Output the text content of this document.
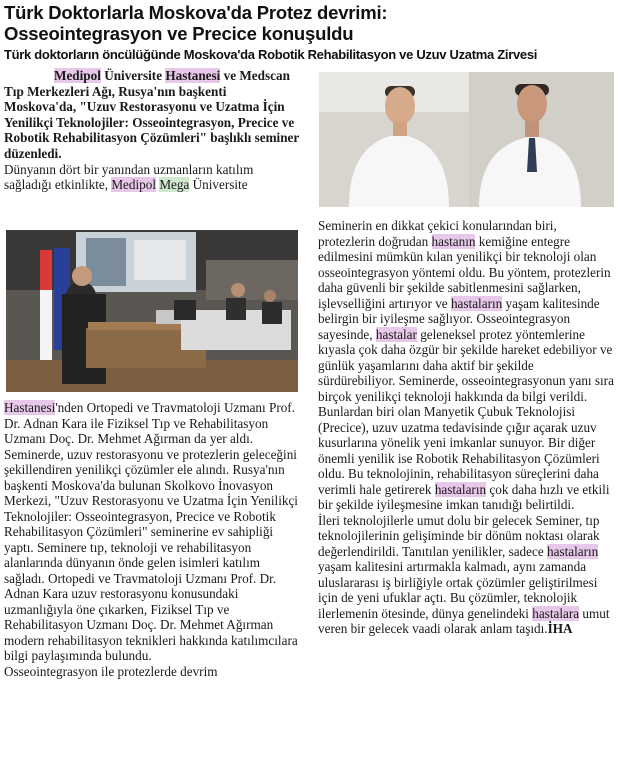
Türk Doktorlarla Moskova'da Protez devrimi:
Osseointegrasyon ve Precice konuşuldu
Türk doktorların öncülüğünde Moskova'da Robotik Rehabilitasyon ve Uzuv Uzatma Zirvesi

Medipol Üniversite Hastanesi ve Medscan Tıp Merkezleri Ağı, Rusya'nın başkenti Moskova'da, "Uzuv Restorasyonu ve Uzatma İçin Yenilikçi Teknolojiler: Osseointegrasyon, Precice ve Robotik Rehabilitasyon Çözümleri" başlıklı seminer düzenledi.

Dünyanın dört bir yanından uzmanların katılım sağladığı etkinlikte, Medipol Mega Üniversite

Hastanesi'nden Ortopedi ve Travmatoloji Uzmanı Prof. Dr. Adnan Kara ile Fiziksel Tıp ve Rehabilitasyon Uzmanı Doç. Dr. Mehmet Ağırman da yer aldı. Seminerde, uzuv restorasyonu ve protezlerin geleceğini şekillendiren yenilikçi çözümler ele alındı. Rusya'nın başkenti Moskova'da bulunan Skolkovo İnovasyon Merkezi, "Uzuv Restorasyonu ve Uzatma İçin Yenilikçi Teknolojiler: Osseointegrasyon, Precice ve Robotik Rehabilitasyon Çözümleri" seminerine ev sahipliği yaptı. Seminere tıp, teknoloji ve rehabilitasyon alanlarında dünyanın önde gelen isimleri katılım sağladı. Ortopedi ve Travmatoloji Uzmanı Prof. Dr. Adnan Kara uzuv restorasyonu konusundaki uzmanlığıyla öne çıkarken, Fiziksel Tıp ve Rehabilitasyon Uzmanı Doç. Dr. Mehmet Ağırman modern rehabilitasyon teknikleri hakkında katılımcılara bilgi paylaşımında bulundu.

Osseointegrasyon ile protezlerde devrim

Seminerin en dikkat çekici konularından biri, protezlerin doğrudan hastanın kemiğine entegre edilmesini mümkün kılan yenilikçi bir teknoloji olan osseointegrasyon yöntemi oldu. Bu yöntem, protezlerin daha güvenli bir şekilde sabitlenmesini sağlarken, işlevselliğini artırıyor ve hastaların yaşam kalitesinde belirgin bir iyileşme sağlıyor. Osseointegrasyon sayesinde, hastalar geleneksel protez yöntemlerine kıyasla çok daha özgür bir şekilde hareket edebiliyor ve günlük yaşamlarını daha aktif bir şekilde sürdürebiliyor. Seminerde, osseointegrasyonun yanı sıra birçok yenilikçi teknoloji hakkında da bilgi verildi. Bunlardan biri olan Manyetik Çubuk Teknolojisi (Precice), uzuv uzatma tedavisinde çığır açarak uzuv kusurlarına yönelik yeni imkanlar sunuyor. Bir diğer önemli yenilik ise Robotik Rehabilitasyon Çözümleri oldu. Bu teknolojinin, rehabilitasyon süreçlerini daha verimli hale getirerek hastaların çok daha hızlı ve etkili bir şekilde iyileşmesine imkan tanıdığı belirtildi.

İleri teknolojilerle umut dolu bir gelecek Seminer, tıp teknolojilerinin gelişiminde bir dönüm noktası olarak değerlendirildi. Tanıtılan yenilikler, sadece hastaların yaşam kalitesini artırmakla kalmadı, aynı zamanda uluslararası iş birliğiyle ortak çözümler geliştirilmesi için de yeni ufuklar açtı. Bu çözümler, teknolojik ilerlemenin ötesinde, dünya genelindeki hastalara umut veren bir gelecek vaadi olarak anlam taşıdı.İHA
